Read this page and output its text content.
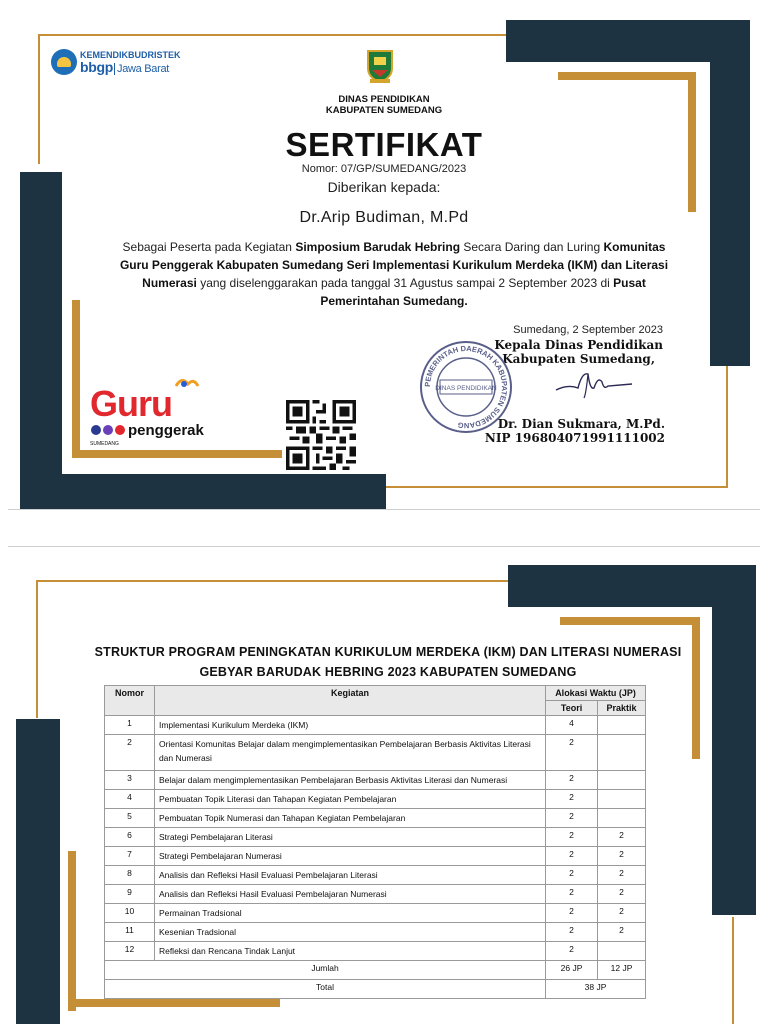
KEMENDIKBUDRISTEK
bbgp Jawa Barat
DINAS PENDIDIKAN
KABUPATEN SUMEDANG
SERTIFIKAT
Nomor: 07/GP/SUMEDANG/2023
Diberikan kepada:
Dr.Arip Budiman, M.Pd
Sebagai Peserta pada Kegiatan Simposium Barudak Hebring Secara Daring dan Luring Komunitas Guru Penggerak Kabupaten Sumedang Seri Implementasi Kurikulum Merdeka (IKM) dan Literasi Numerasi yang diselenggarakan pada tanggal 31 Agustus sampai 2 September 2023 di Pusat Pemerintahan Sumedang.
Sumedang, 2 September 2023
Kepala Dinas Pendidikan
Kabupaten Sumedang,
PEMERINTAH DAERAH KABUPATEN SUMEDANG
DINAS PENDIDIKAN
Dr. Dian Sukmara, M.Pd.
NIP 196804071991111002
Guru
penggerak
SUMEDANG
STRUKTUR PROGRAM PENINGKATAN KURIKULUM MERDEKA (IKM) DAN LITERASI NUMERASI
GEBYAR BARUDAK HEBRING 2023 KABUPATEN SUMEDANG
Nomor	Kegiatan	Alokasi Waktu (JP)	
		Teori	Praktik
1	Implementasi Kurikulum Merdeka (IKM)	4	
2	Orientasi Komunitas Belajar dalam mengimplementasikan Pembelajaran Berbasis Aktivitas Literasi dan Numerasi	2	
3	Belajar dalam mengimplementasikan Pembelajaran Berbasis Aktivitas Literasi dan Numerasi	2	
4	Pembuatan Topik Literasi dan Tahapan Kegiatan Pembelajaran	2	
5	Pembuatan Topik Numerasi dan Tahapan Kegiatan Pembelajaran	2	
6	Strategi Pembelajaran Literasi	2	2
7	Strategi Pembelajaran Numerasi	2	2
8	Analisis dan Refleksi Hasil Evaluasi Pembelajaran Literasi	2	2
9	Analisis dan Refleksi Hasil Evaluasi Pembelajaran Numerasi	2	2
10	Permainan Tradsional	2	2
11	Kesenian Tradsional	2	2
12	Refleksi dan Rencana Tindak Lanjut	2	
Jumlah		26 JP	12 JP
Total		38 JP	
